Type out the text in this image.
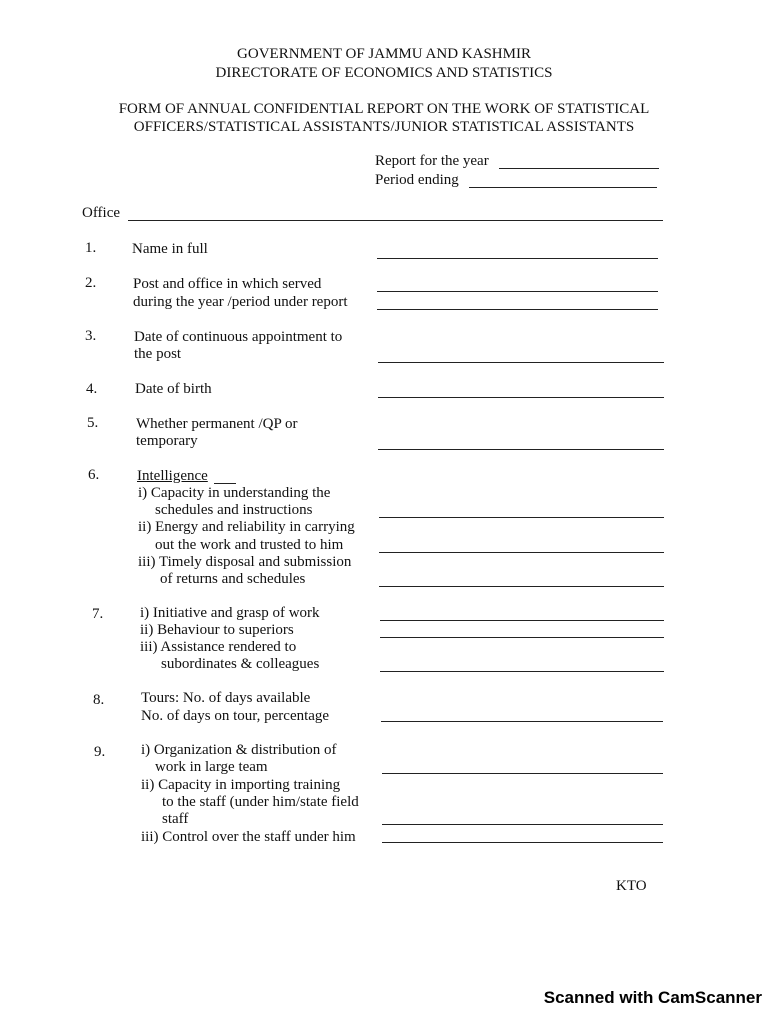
GOVERNMENT OF JAMMU AND KASHMIR
DIRECTORATE OF ECONOMICS AND STATISTICS
FORM OF ANNUAL CONFIDENTIAL REPORT ON THE WORK OF STATISTICAL
OFFICERS/STATISTICAL ASSISTANTS/JUNIOR STATISTICAL ASSISTANTS
Report for the year
Period ending
Office
1. Name in full
2. Post and office in which served
during the year /period under report
3.	Date of continuous appointment to
the post
4.	Date of birth
5.	Whether permanent /QP or
temporary
6.	Intelligence
i) Capacity in understanding the
schedules and instructions
ii) Energy and reliability in carrying
out the work and trusted to him
iii) Timely disposal and submission
of returns and schedules
7. i) Initiative and grasp of work
ii) Behaviour to superiors
iii) Assistance rendered to
subordinates & colleagues
8. Tours: No. of days available
No. of days on tour, percentage
9. i) Organization & distribution of
work in large team
ii) Capacity in importing training
to the staff (under him/state field
staff
iii) Control over the staff under him
KTO
Scanned with CamScanner
